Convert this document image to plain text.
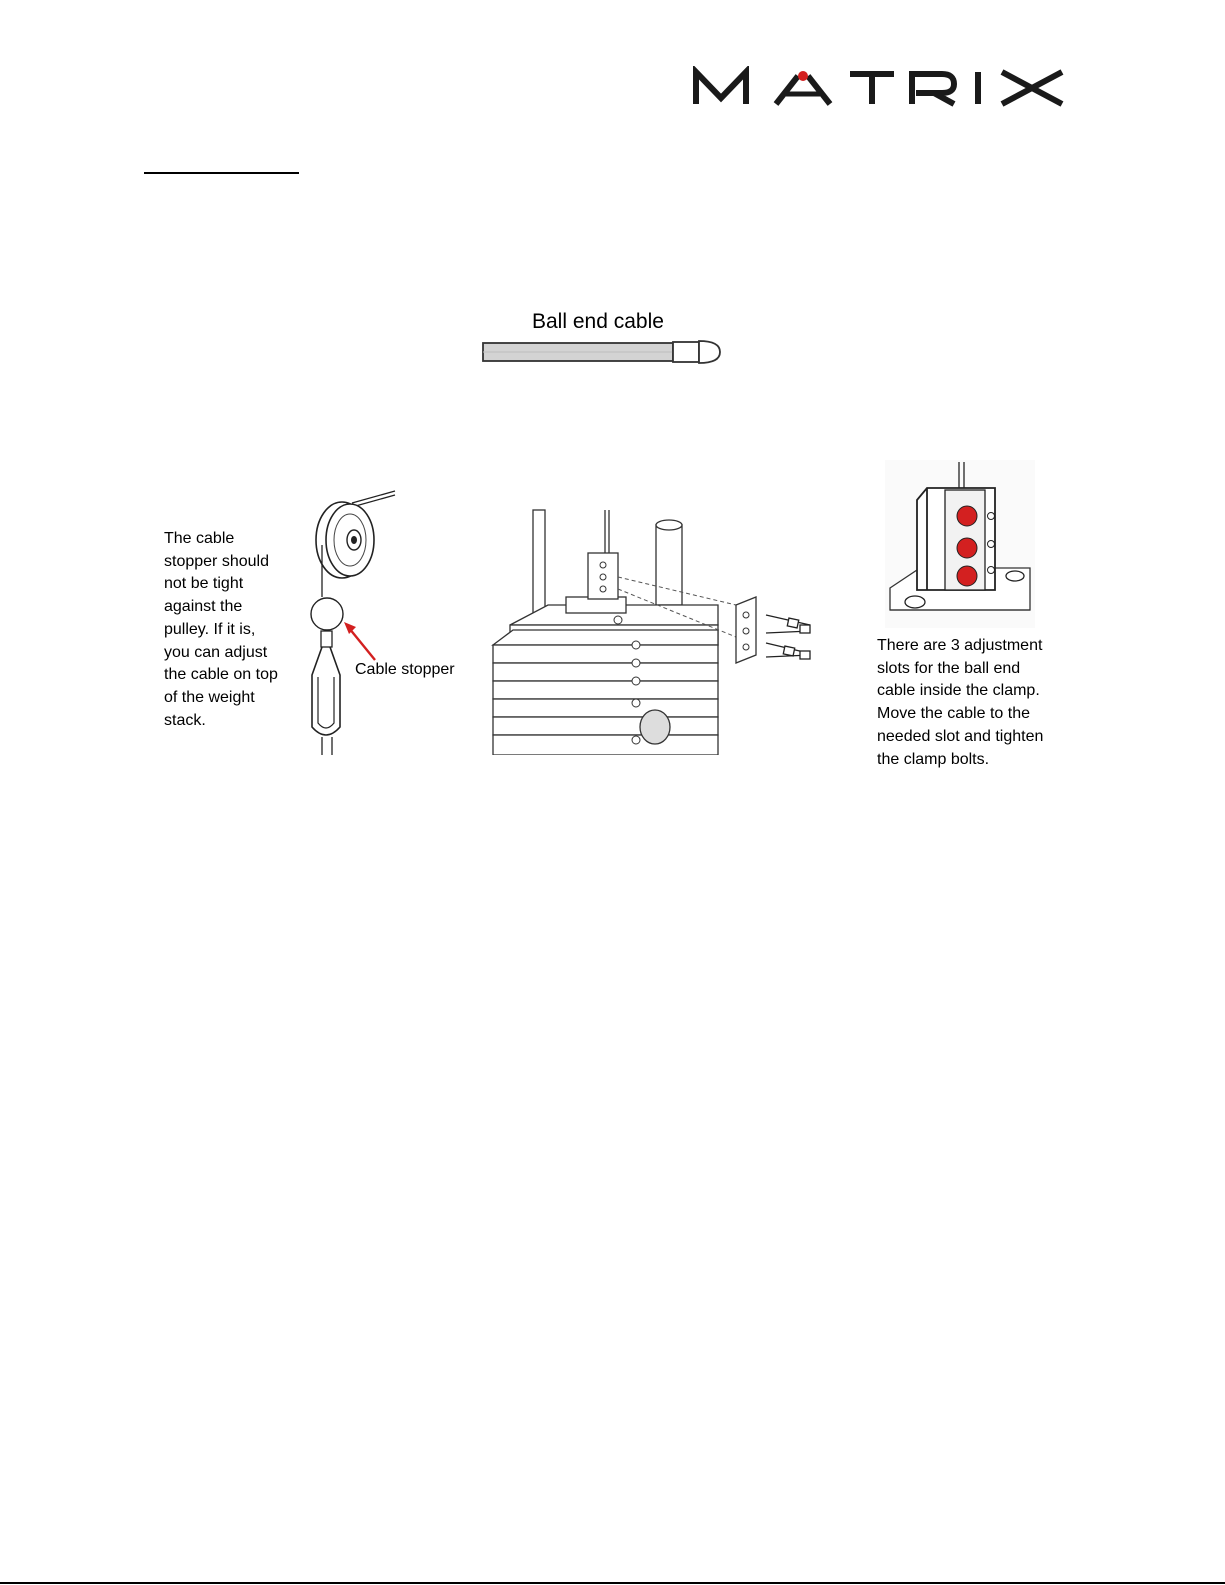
Ball end cable
The cable
stopper should
not be tight
against the
pulley. If it is,
you can adjust
the cable on top
of the weight
stack.
Cable stopper
There are 3 adjustment
slots for the ball end
cable inside the clamp.
Move the cable to the
needed slot and tighten
the clamp bolts.
